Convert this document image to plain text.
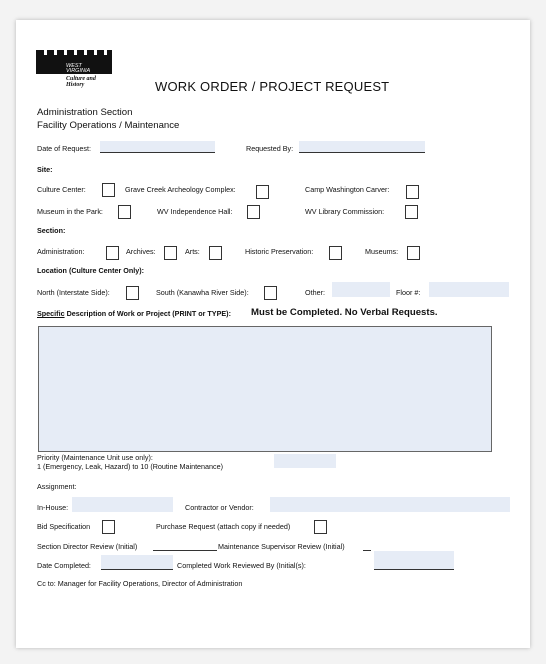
WEST
VIRGINIA
Culture and History	WORK ORDER / PROJECT REQUEST
Administration Section
Facility Operations / Maintenance
Date of Request:	Requested By:
Site:
Culture Center:	Grave Creek Archeology Complex:	Camp Washington Carver:
Museum in the Park:	WV Independence Hall:	WV Library Commission:
Section:
Administration:	Archives:	Arts:	Historic Preservation:	Museums:
Location (Culture Center Only):
North (Interstate Side):	South (Kanawha River Side):	Other:	Floor #:
Specific Description of Work or Project (PRINT or TYPE): Must be Completed. No Verbal Requests.
Priority (Maintenance Unit use only):
1 (Emergency, Leak, Hazard) to 10 (Routine Maintenance)
Assignment:
In-House:	Contractor or Vendor:
Bid Specification	Purchase Request (attach copy if needed)
Section Director Review (Initial)	Maintenance Supervisor Review (Initial)
Date Completed:	Completed Work Reviewed By (Initial(s):
Cc to: Manager for Facility Operations, Director of Administration
